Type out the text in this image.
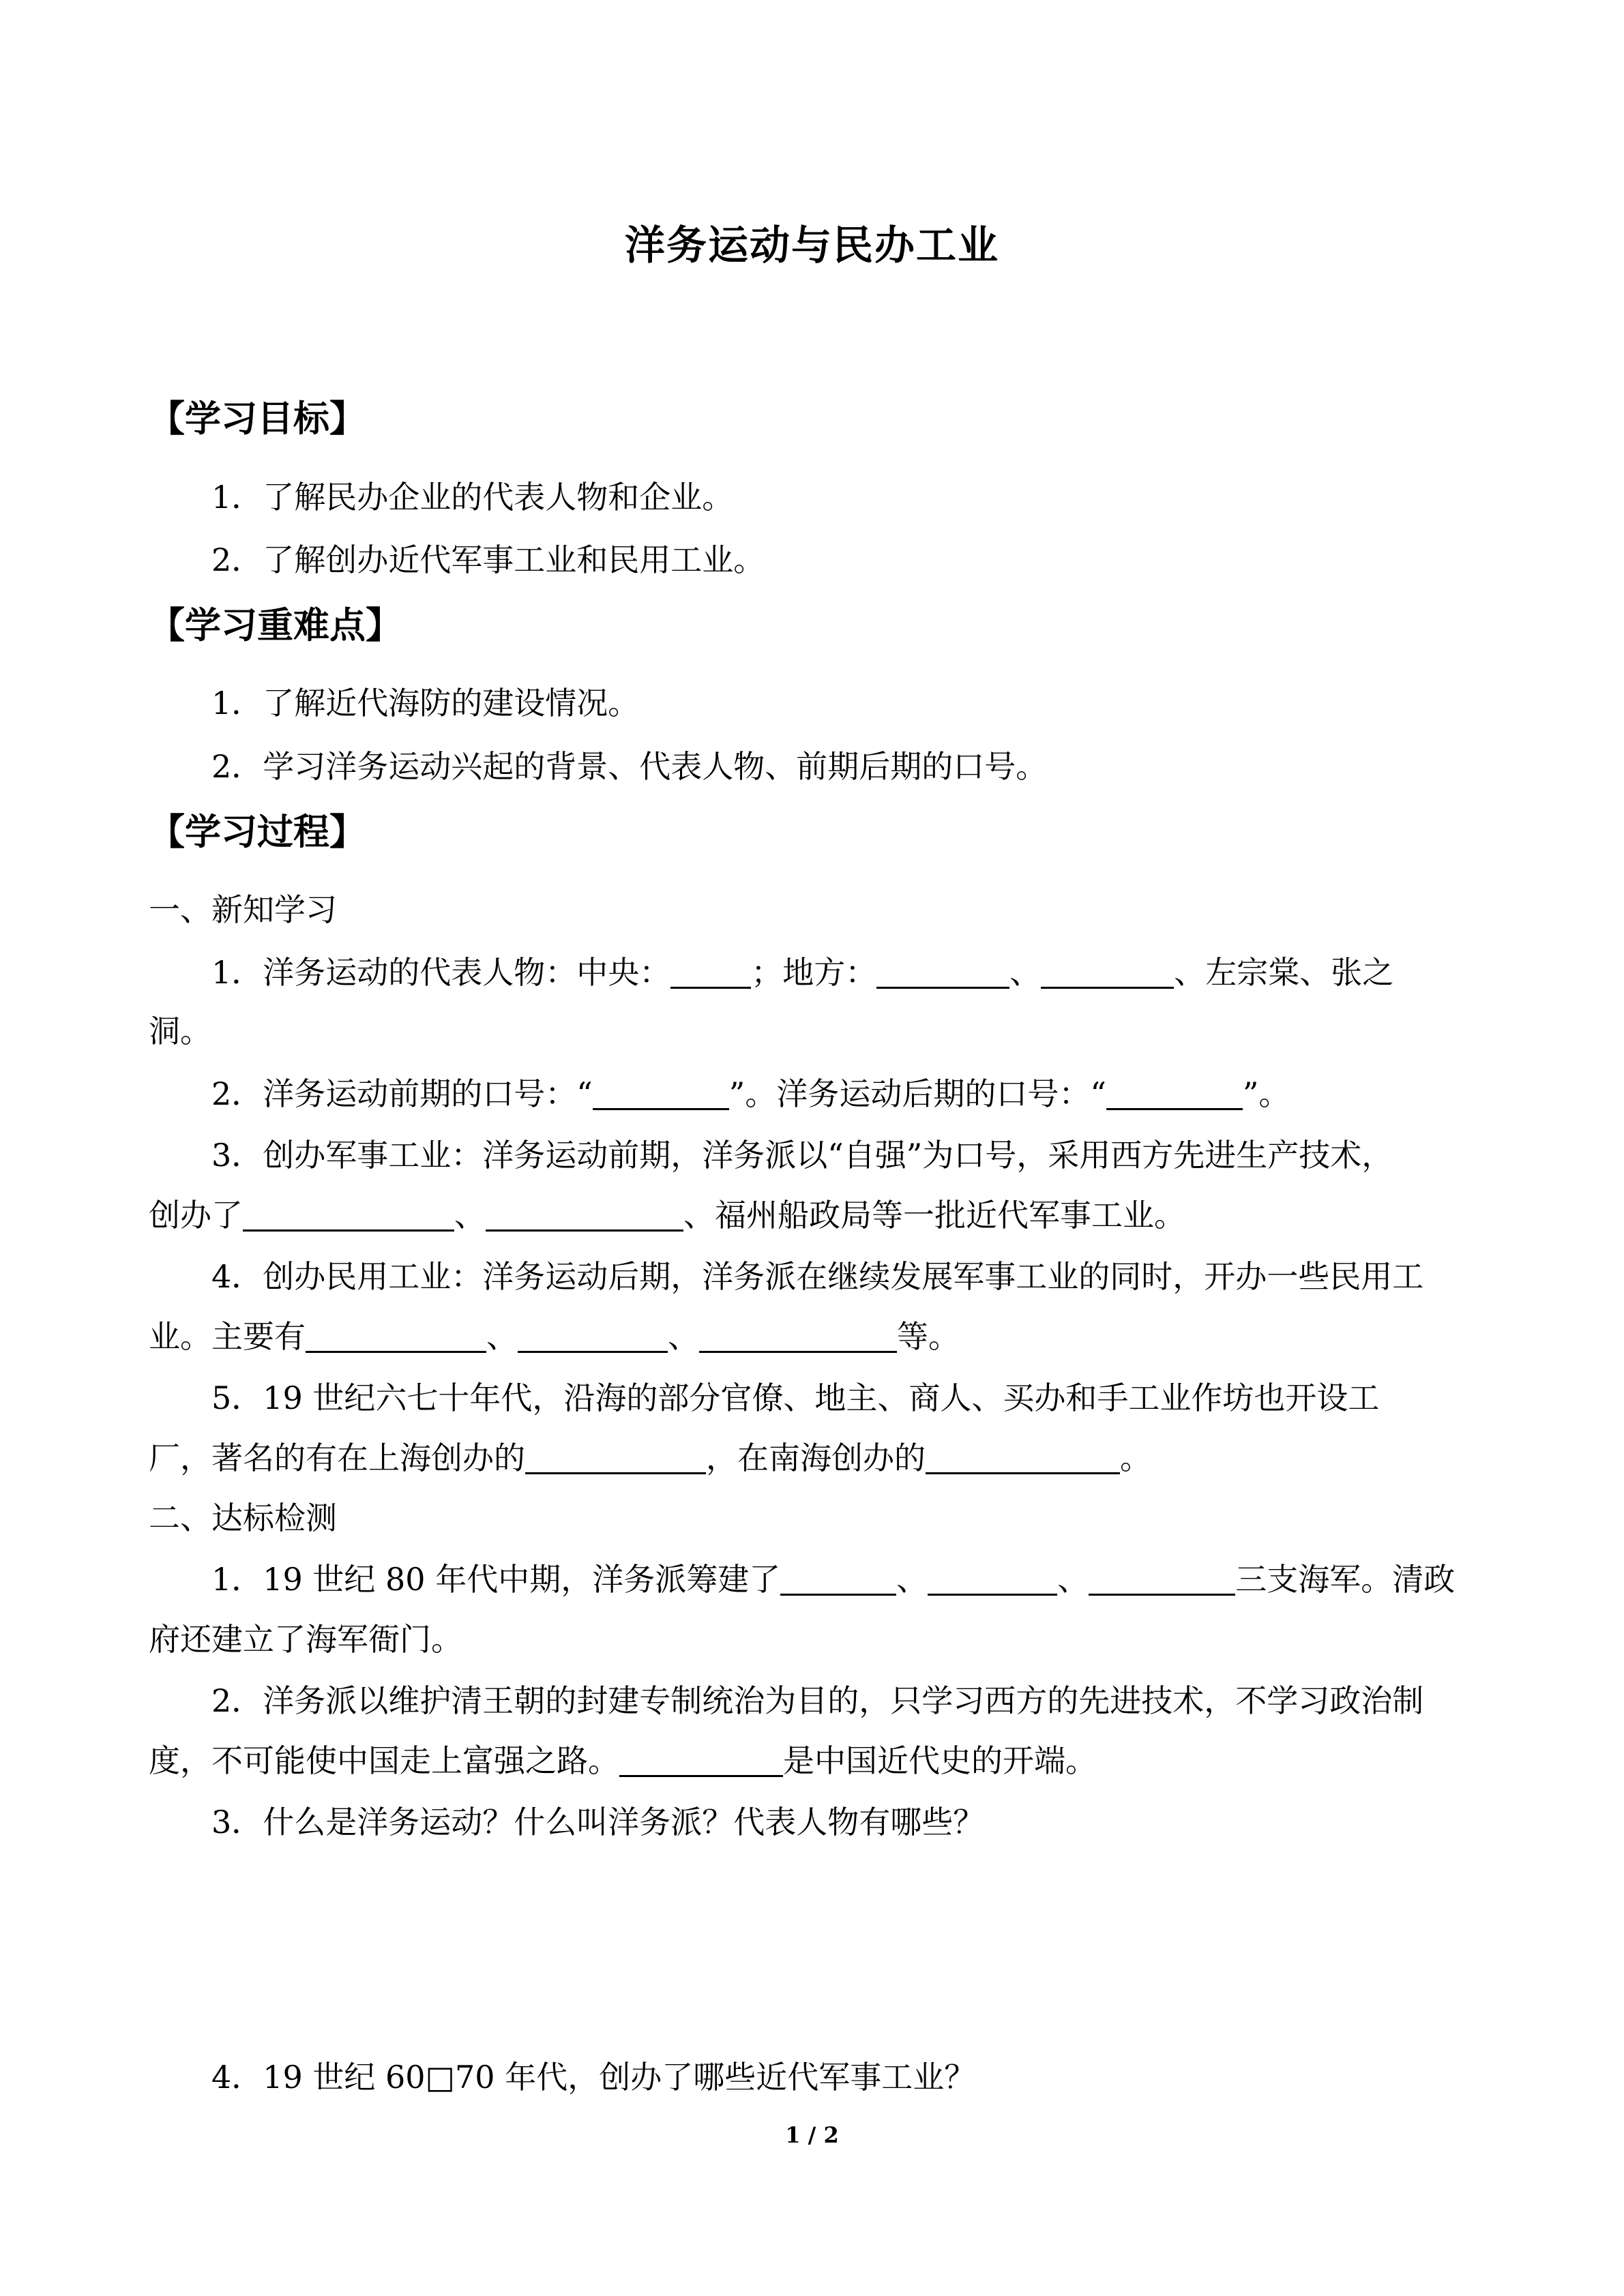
洋务运动与民办工业
【学习目标】
1．了解民办企业的代表人物和企业。
2．了解创办近代军事工业和民用工业。
【学习重难点】
1．了解近代海防的建设情况。
2．学习洋务运动兴起的背景、代表人物、前期后期的口号。
【学习过程】
一、新知学习
1．洋务运动的代表人物：中央：	；地方：	、	、左宗棠、张之
洞。
2．洋务运动前期的口号：“	”。洋务运动后期的口号：“	”。
3．创办军事工业：洋务运动前期，洋务派以“自强”为口号，采用西方先进生产技术，
创办了	、	、福州船政局等一批近代军事工业。
4．创办民用工业：洋务运动后期，洋务派在继续发展军事工业的同时，开办一些民用工
业。主要有	、	、	等。
5．19 世纪六七十年代，沿海的部分官僚、地主、商人、买办和手工业作坊也开设工
厂，著名的有在上海创办的	，在南海创办的	。
二、达标检测
1．19 世纪 80 年代中期，洋务派筹建了	、	、	三支海军。清政
府还建立了海军衙门。
2．洋务派以维护清王朝的封建专制统治为目的，只学习西方的先进技术，不学习政治制
度，不可能使中国走上富强之路。	是中国近代史的开端。
3．什么是洋务运动？什么叫洋务派？代表人物有哪些？
4．19 世纪 60□70 年代，创办了哪些近代军事工业？
1 / 2
